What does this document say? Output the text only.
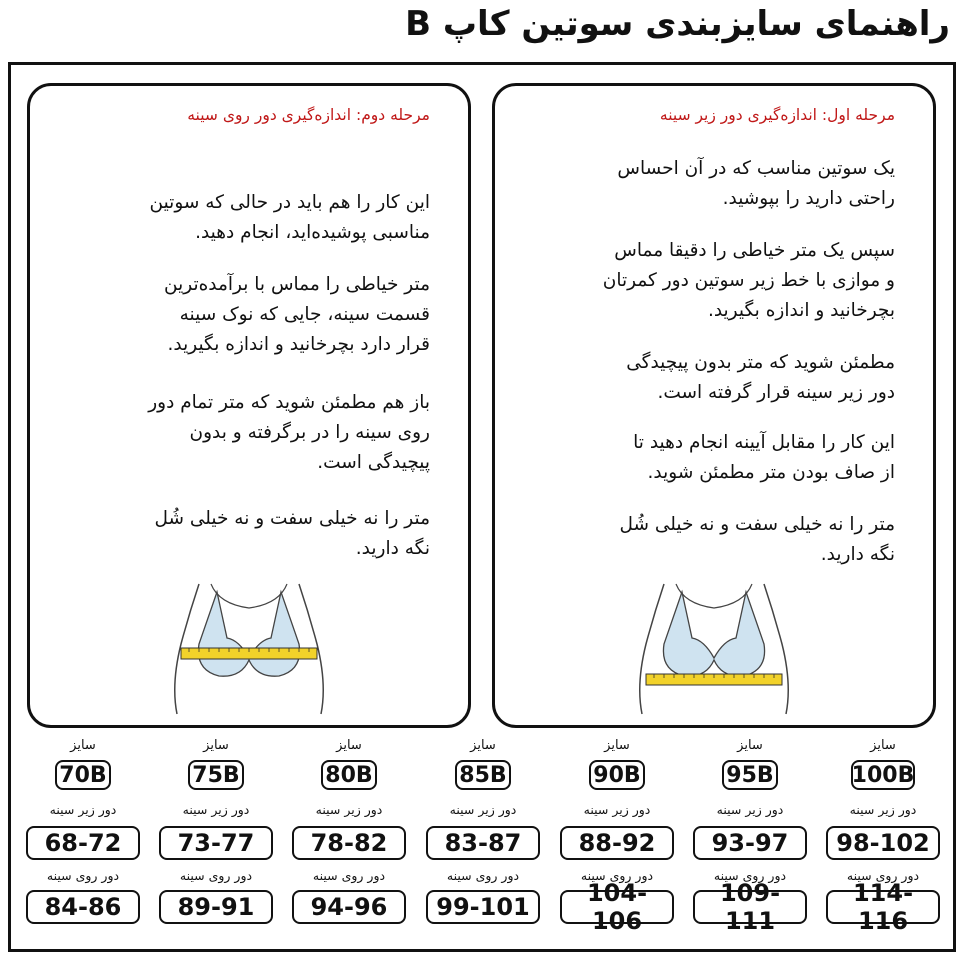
راهنمای سایزبندی سوتین کاپ B
مرحله اول: اندازه‌گیری دور زیر سینه
یک سوتین مناسب که در آن احساس
راحتی دارید را بپوشید.
سپس یک متر خیاطی را دقیقا مماس
و موازی با خط زیر سوتین دور کمرتان
بچرخانید و اندازه بگیرید.
مطمئن شوید که متر بدون پیچیدگی
دور زیر سینه قرار گرفته است.
این کار را مقابل آیینه انجام دهید تا
از صاف بودن متر مطمئن شوید.
متر را نه خیلی سفت و نه خیلی شُل
نگه دارید.
مرحله دوم: اندازه‌گیری دور روی سینه
این کار را هم باید در حالی که سوتین
مناسبی پوشیده‌اید، انجام دهید.
متر خیاطی را مماس با برآمده‌ترین
قسمت سینه، جایی که نوک سینه
قرار دارد بچرخانید و اندازه بگیرید.
باز هم مطمئن شوید که متر تمام دور
روی سینه را در برگرفته و بدون
پیچیدگی است.
متر را نه خیلی سفت و نه خیلی شُل
نگه دارید.
سایز
70B
دور زیر سینه
68-72
دور روی سینه
84-86
سایز
75B
دور زیر سینه
73-77
دور روی سینه
89-91
سایز
80B
دور زیر سینه
78-82
دور روی سینه
94-96
سایز
85B
دور زیر سینه
83-87
دور روی سینه
99-101
سایز
90B
دور زیر سینه
88-92
دور روی سینه
104-106
سایز
95B
دور زیر سینه
93-97
دور روی سینه
109-111
سایز
100B
دور زیر سینه
98-102
دور روی سینه
114-116
